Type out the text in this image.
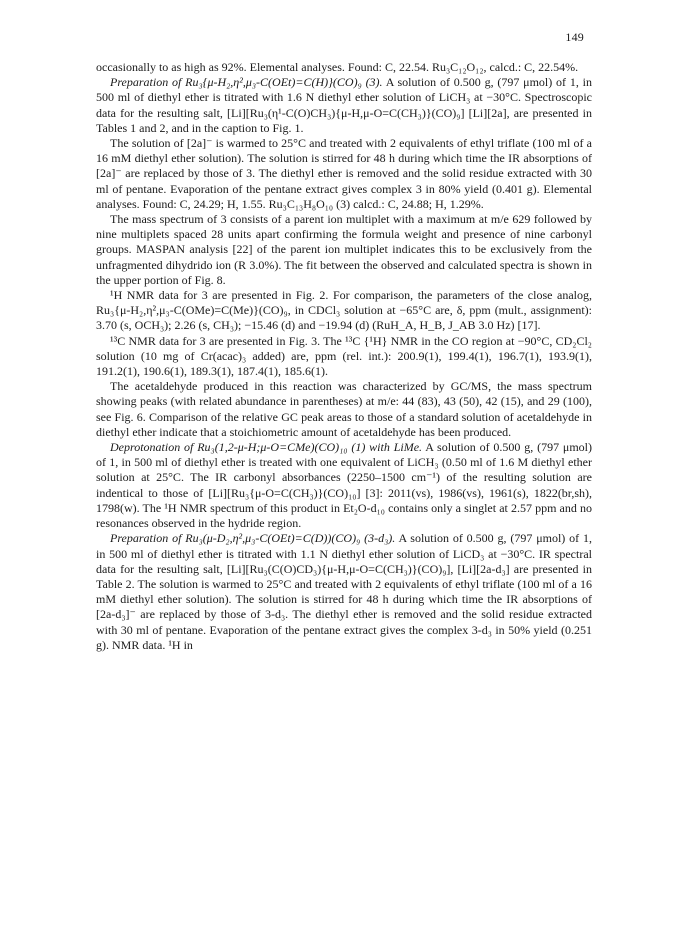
149

occasionally to as high as 92%. Elemental analyses. Found: C, 22.54. Ru₃C₁₂O₁₂, calcd.: C, 22.54%.

Preparation of Ru₃{μ-H₂,η²,μ₃-C(OEt)=C(H)}(CO)₉ (3). A solution of 0.500 g, (797 μmol) of 1, in 500 ml of diethyl ether is titrated with 1.6 N diethyl ether solution of LiCH₃ at −30°C. Spectroscopic data for the resulting salt, [Li][Ru₃(η¹-C(O)CH₃){μ-H,μ-O=C(CH₃)}(CO)₉] [Li][2a], are presented in Tables 1 and 2, and in the caption to Fig. 1.

The solution of [2a]⁻ is warmed to 25°C and treated with 2 equivalents of ethyl triflate (100 ml of a 16 mM diethyl ether solution). The solution is stirred for 48 h during which time the IR absorptions of [2a]⁻ are replaced by those of 3. The diethyl ether is removed and the solid residue extracted with 30 ml of pentane. Evaporation of the pentane extract gives complex 3 in 80% yield (0.401 g). Elemental analyses. Found: C, 24.29; H, 1.55. Ru₃C₁₃H₈O₁₀ (3) calcd.: C, 24.88; H, 1.29%.

The mass spectrum of 3 consists of a parent ion multiplet with a maximum at m/e 629 followed by nine multiplets spaced 28 units apart confirming the formula weight and presence of nine carbonyl groups. MASPAN analysis [22] of the parent ion multiplet indicates this to be exclusively from the unfragmented dihydrido ion (R 3.0%). The fit between the observed and calculated spectra is shown in the upper portion of Fig. 8.

¹H NMR data for 3 are presented in Fig. 2. For comparison, the parameters of the close analog, Ru₃{μ-H₂,η²,μ₃-C(OMe)=C(Me)}(CO)₉, in CDCl₃ solution at −65°C are, δ, ppm (mult., assignment): 3.70 (s, OCH₃); 2.26 (s, CH₃); −15.46 (d) and −19.94 (d) (RuH_A, H_B, J_AB 3.0 Hz) [17].

¹³C NMR data for 3 are presented in Fig. 3. The ¹³C {¹H} NMR in the CO region at −90°C, CD₂Cl₂ solution (10 mg of Cr(acac)₃ added) are, ppm (rel. int.): 200.9(1), 199.4(1), 196.7(1), 193.9(1), 191.2(1), 190.6(1), 189.3(1), 187.4(1), 185.6(1).

The acetaldehyde produced in this reaction was characterized by GC/MS, the mass spectrum showing peaks (with related abundance in parentheses) at m/e: 44 (83), 43 (50), 42 (15), and 29 (100), see Fig. 6. Comparison of the relative GC peak areas to those of a standard solution of acetaldehyde in diethyl ether indicate that a stoichiometric amount of acetaldehyde has been produced.

Deprotonation of Ru₃(1,2-μ-H;μ-O=CMe)(CO)₁₀ (1) with LiMe. A solution of 0.500 g, (797 μmol) of 1, in 500 ml of diethyl ether is treated with one equivalent of LiCH₃ (0.50 ml of 1.6 M diethyl ether solution at 25°C. The IR carbonyl absorbances (2250–1500 cm⁻¹) of the resulting solution are indentical to those of [Li][Ru₃{μ-O=C(CH₃)}(CO)₁₀] [3]: 2011(vs), 1986(vs), 1961(s), 1822(br,sh), 1798(w). The ¹H NMR spectrum of this product in Et₂O-d₁₀ contains only a singlet at 2.57 ppm and no resonances observed in the hydride region.

Preparation of Ru₃(μ-D₂,η²,μ₃-C(OEt)=C(D))(CO)₉ (3-d₃). A solution of 0.500 g, (797 μmol) of 1, in 500 ml of diethyl ether is titrated with 1.1 N diethyl ether solution of LiCD₃ at −30°C. IR spectral data for the resulting salt, [Li][Ru₃(C(O)CD₃){μ-H,μ-O=C(CH₃)}(CO)₉], [Li][2a-d₃] are presented in Table 2. The solution is warmed to 25°C and treated with 2 equivalents of ethyl triflate (100 ml of a 16 mM diethyl ether solution). The solution is stirred for 48 h during which time the IR absorptions of [2a-d₃]⁻ are replaced by those of 3-d₃. The diethyl ether is removed and the solid residue extracted with 30 ml of pentane. Evaporation of the pentane extract gives the complex 3-d₃ in 50% yield (0.251 g). NMR data. ¹H in
